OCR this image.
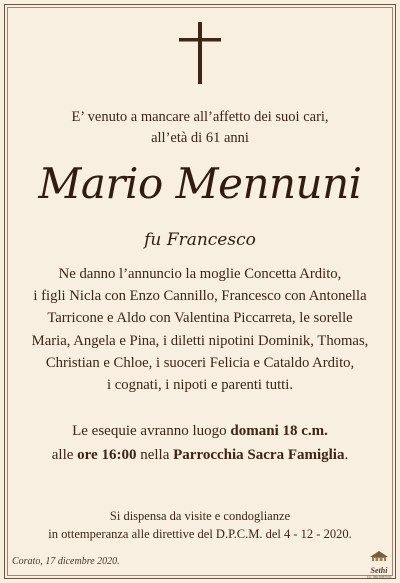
E’ venuto a mancare all’affetto dei suoi cari,
all’età di 61 anni
Mario Mennuni
fu Francesco
Ne danno l’annuncio la moglie Concetta Ardito,
i figli Nicla con Enzo Cannillo, Francesco con Antonella
Tarricone e Aldo con Valentina Piccarreta, le sorelle
Maria, Angela e Pina, i diletti nipotini Dominik, Thomas,
Christian e Chloe, i suoceri Felicia e Cataldo Ardito,
i cognati, i nipoti e parenti tutti.
Le esequie avranno luogo domani 18 c.m.
alle ore 16:00 nella Parrocchia Sacra Famiglia.
Si dispensa da visite e condoglianze
in ottemperanza alle direttive del D.P.C.M. del 4 - 12 - 2020.
Corato, 17 dicembre 2020.
Sethi
Tel. 080/8987650
